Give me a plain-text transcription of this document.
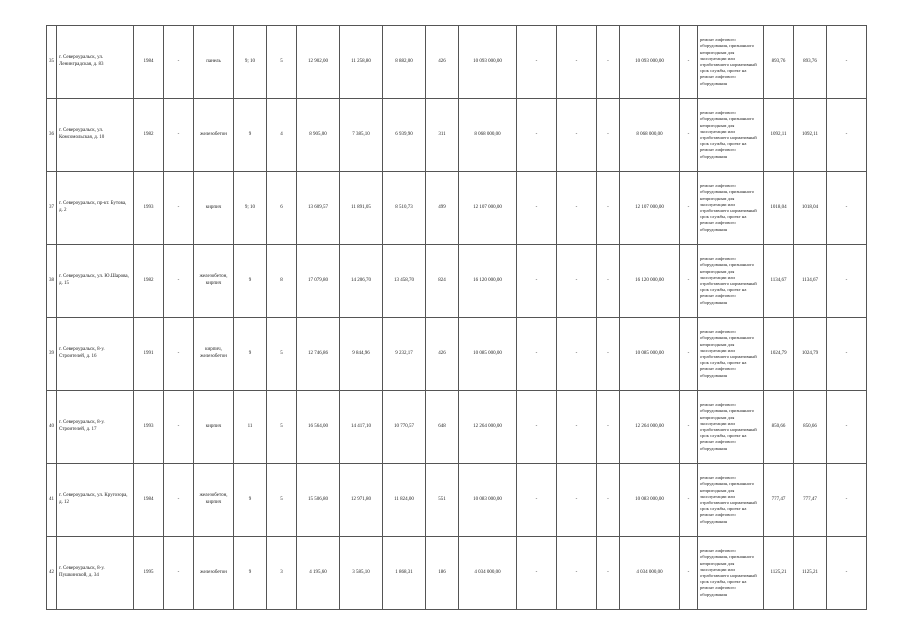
35	г. Североуральск, ул. Ленинградская, д. 83	1984	-	панель	9; 10	5	12 902,00	11 258,80	8 882,00	426	10 093 000,00	-	-	-	10 093 000,00	-	ремонт лифтового оборудования, признанного непригодным для эксплуатации или отработавшего нормативный срок службы, проект на ремонт лифтового оборудования	893,76	893,76	-
36	г. Североуральск, ул. Комсомольская, д. 10	1982	-	железобетон	9	4	8 905,00	7 385,10	6 939,90	311	8 068 000,00	-	-	-	8 068 000,00	-	ремонт лифтового оборудования, признанного непригодным для эксплуатации или отработавшего нормативный срок службы, проект на ремонт лифтового оборудования	1092,11	1092,11	-
37	г. Североуральск, пр-кт. Бутова, д. 2	1993	-	кирпич	9; 10	6	13 609,57	11 891,05	8 510,73	499	12 107 000,00	-	-	-	12 107 000,00	-	ремонт лифтового оборудования, признанного непригодным для эксплуатации или отработавшего нормативный срок службы, проект на ремонт лифтового оборудования	1018,04	1018,04	-
38	г. Североуральск, ул. Ю.Шарова, д. 15	1982	-	железобетон, кирпич	9	8	17 079,80	14 206,70	13 458,70	824	16 120 000,00	-	-	-	16 120 000,00	-	ремонт лифтового оборудования, признанного непригодным для эксплуатации или отработавшего нормативный срок службы, проект на ремонт лифтового оборудования	1134,67	1134,67	-
39	г. Североуральск, 8-у. Строителей, д. 16	1991	-	кирпич, железобетон	9	5	12 746,86	9 844,96	9 232,17	426	10 085 000,00	-	-	-	10 085 000,00	-	ремонт лифтового оборудования, признанного непригодным для эксплуатации или отработавшего нормативный срок службы, проект на ремонт лифтового оборудования	1024,79	1024,79	-
40	г. Североуральск, 8-у. Строителей, д. 17	1993	-	кирпич	11	5	16 564,00	14 417,10	10 770,57	648	12 264 000,00	-	-	-	12 264 000,00	-	ремонт лифтового оборудования, признанного непригодным для эксплуатации или отработавшего нормативный срок службы, проект на ремонт лифтового оборудования	850,66	850,66	-
41	г. Североуральск, ул. Кругозора, д. 12	1984	-	железобетон, кирпич	9	5	15 506,80	12 971,80	11 824,00	551	10 083 000,00	-	-	-	10 083 000,00	-	ремонт лифтового оборудования, признанного непригодным для эксплуатации или отработавшего нормативный срок службы, проект на ремонт лифтового оборудования	777,47	777,47	-
42	г. Североуральск, 8-у. Пушкинской, д. 34	1995	-	железобетон	9	3	4 195,60	3 585,10	1 868,31	186	4 034 000,00	-	-	-	4 034 000,00	-	ремонт лифтового оборудования, признанного непригодным для эксплуатации или отработавшего нормативный срок службы, проект на ремонт лифтового оборудования	1125,21	1125,21	-
